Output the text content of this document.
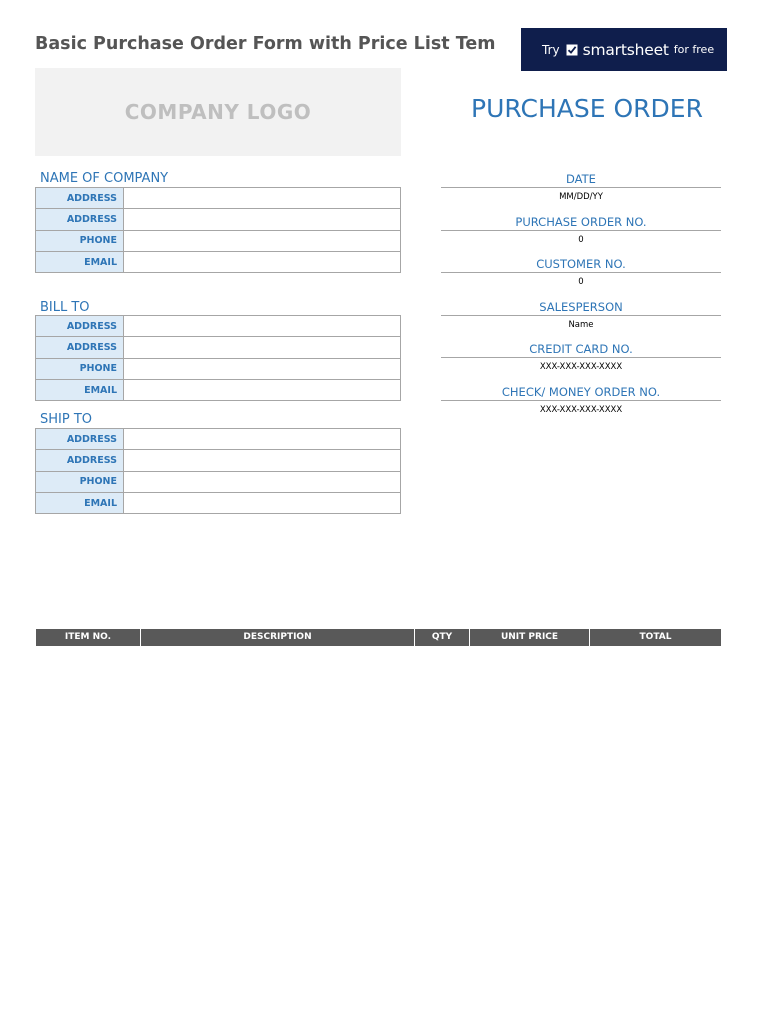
Basic Purchase Order Form with Price List Tem	Try smartsheet for free
COMPANY LOGO	PURCHASE ORDER
NAME OF COMPANY
ADDRESS	
ADDRESS	
PHONE	
EMAIL	
BILL TO
ADDRESS	
ADDRESS	
PHONE	
EMAIL	
SHIP TO
ADDRESS	
ADDRESS	
PHONE	
EMAIL	
DATE
MM/DD/YY
PURCHASE ORDER NO.
0
CUSTOMER NO.
0
SALESPERSON
Name
CREDIT CARD NO.
XXX-XXX-XXX-XXXX
CHECK/ MONEY ORDER NO.
XXX-XXX-XXX-XXXX
ITEM NO.	DESCRIPTION	QTY	UNIT PRICE	TOTAL
